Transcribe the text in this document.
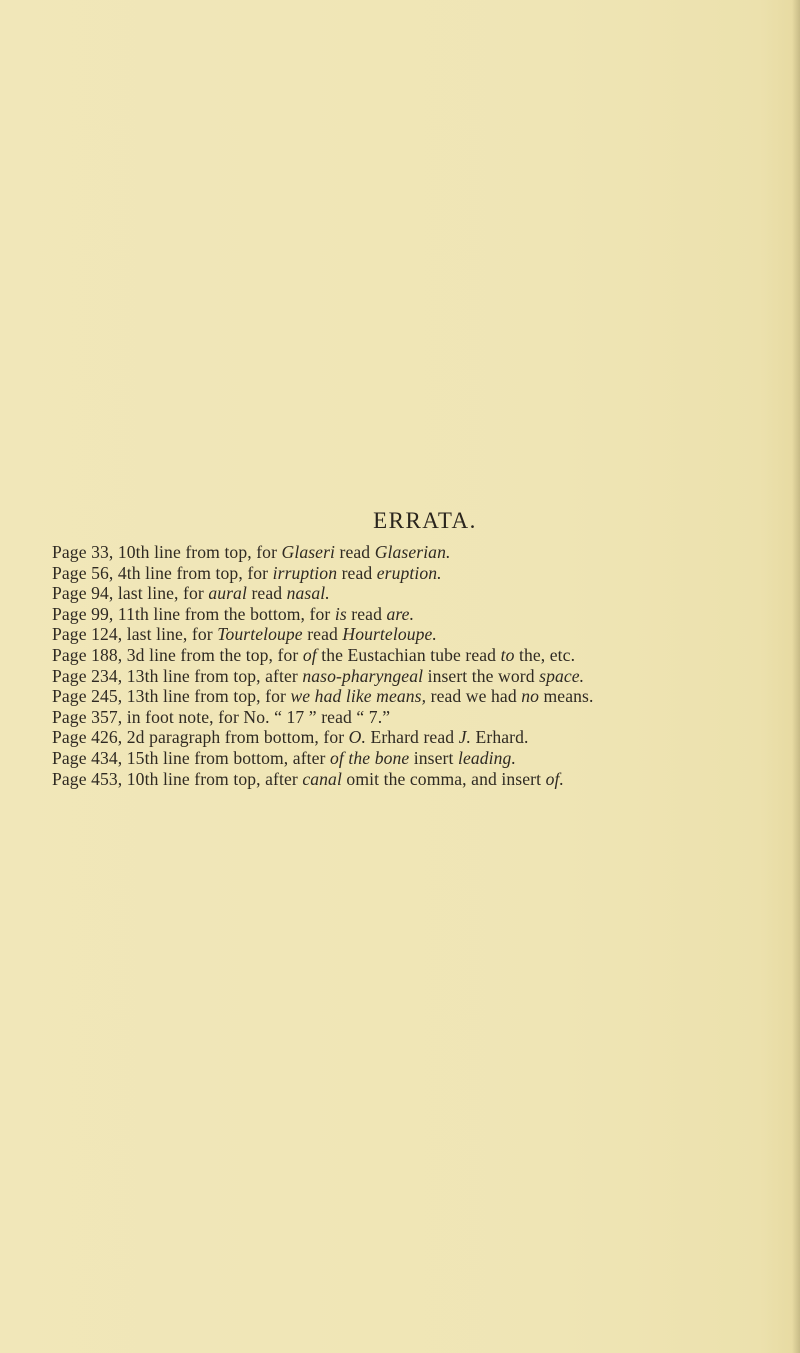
ERRATA.
Page 33, 10th line from top, for Glaseri read Glaserian.
Page 56, 4th line from top, for irruption read eruption.
Page 94, last line, for aural read nasal.
Page 99, 11th line from the bottom, for is read are.
Page 124, last line, for Tourteloupe read Hourteloupe.
Page 188, 3d line from the top, for of the Eustachian tube read to the, etc.
Page 234, 13th line from top, after naso-pharyngeal insert the word space.
Page 245, 13th line from top, for we had like means, read we had no means.
Page 357, in foot note, for No. “ 17 ” read “ 7.”
Page 426, 2d paragraph from bottom, for O. Erhard read J. Erhard.
Page 434, 15th line from bottom, after of the bone insert leading.
Page 453, 10th line from top, after canal omit the comma, and insert of.
